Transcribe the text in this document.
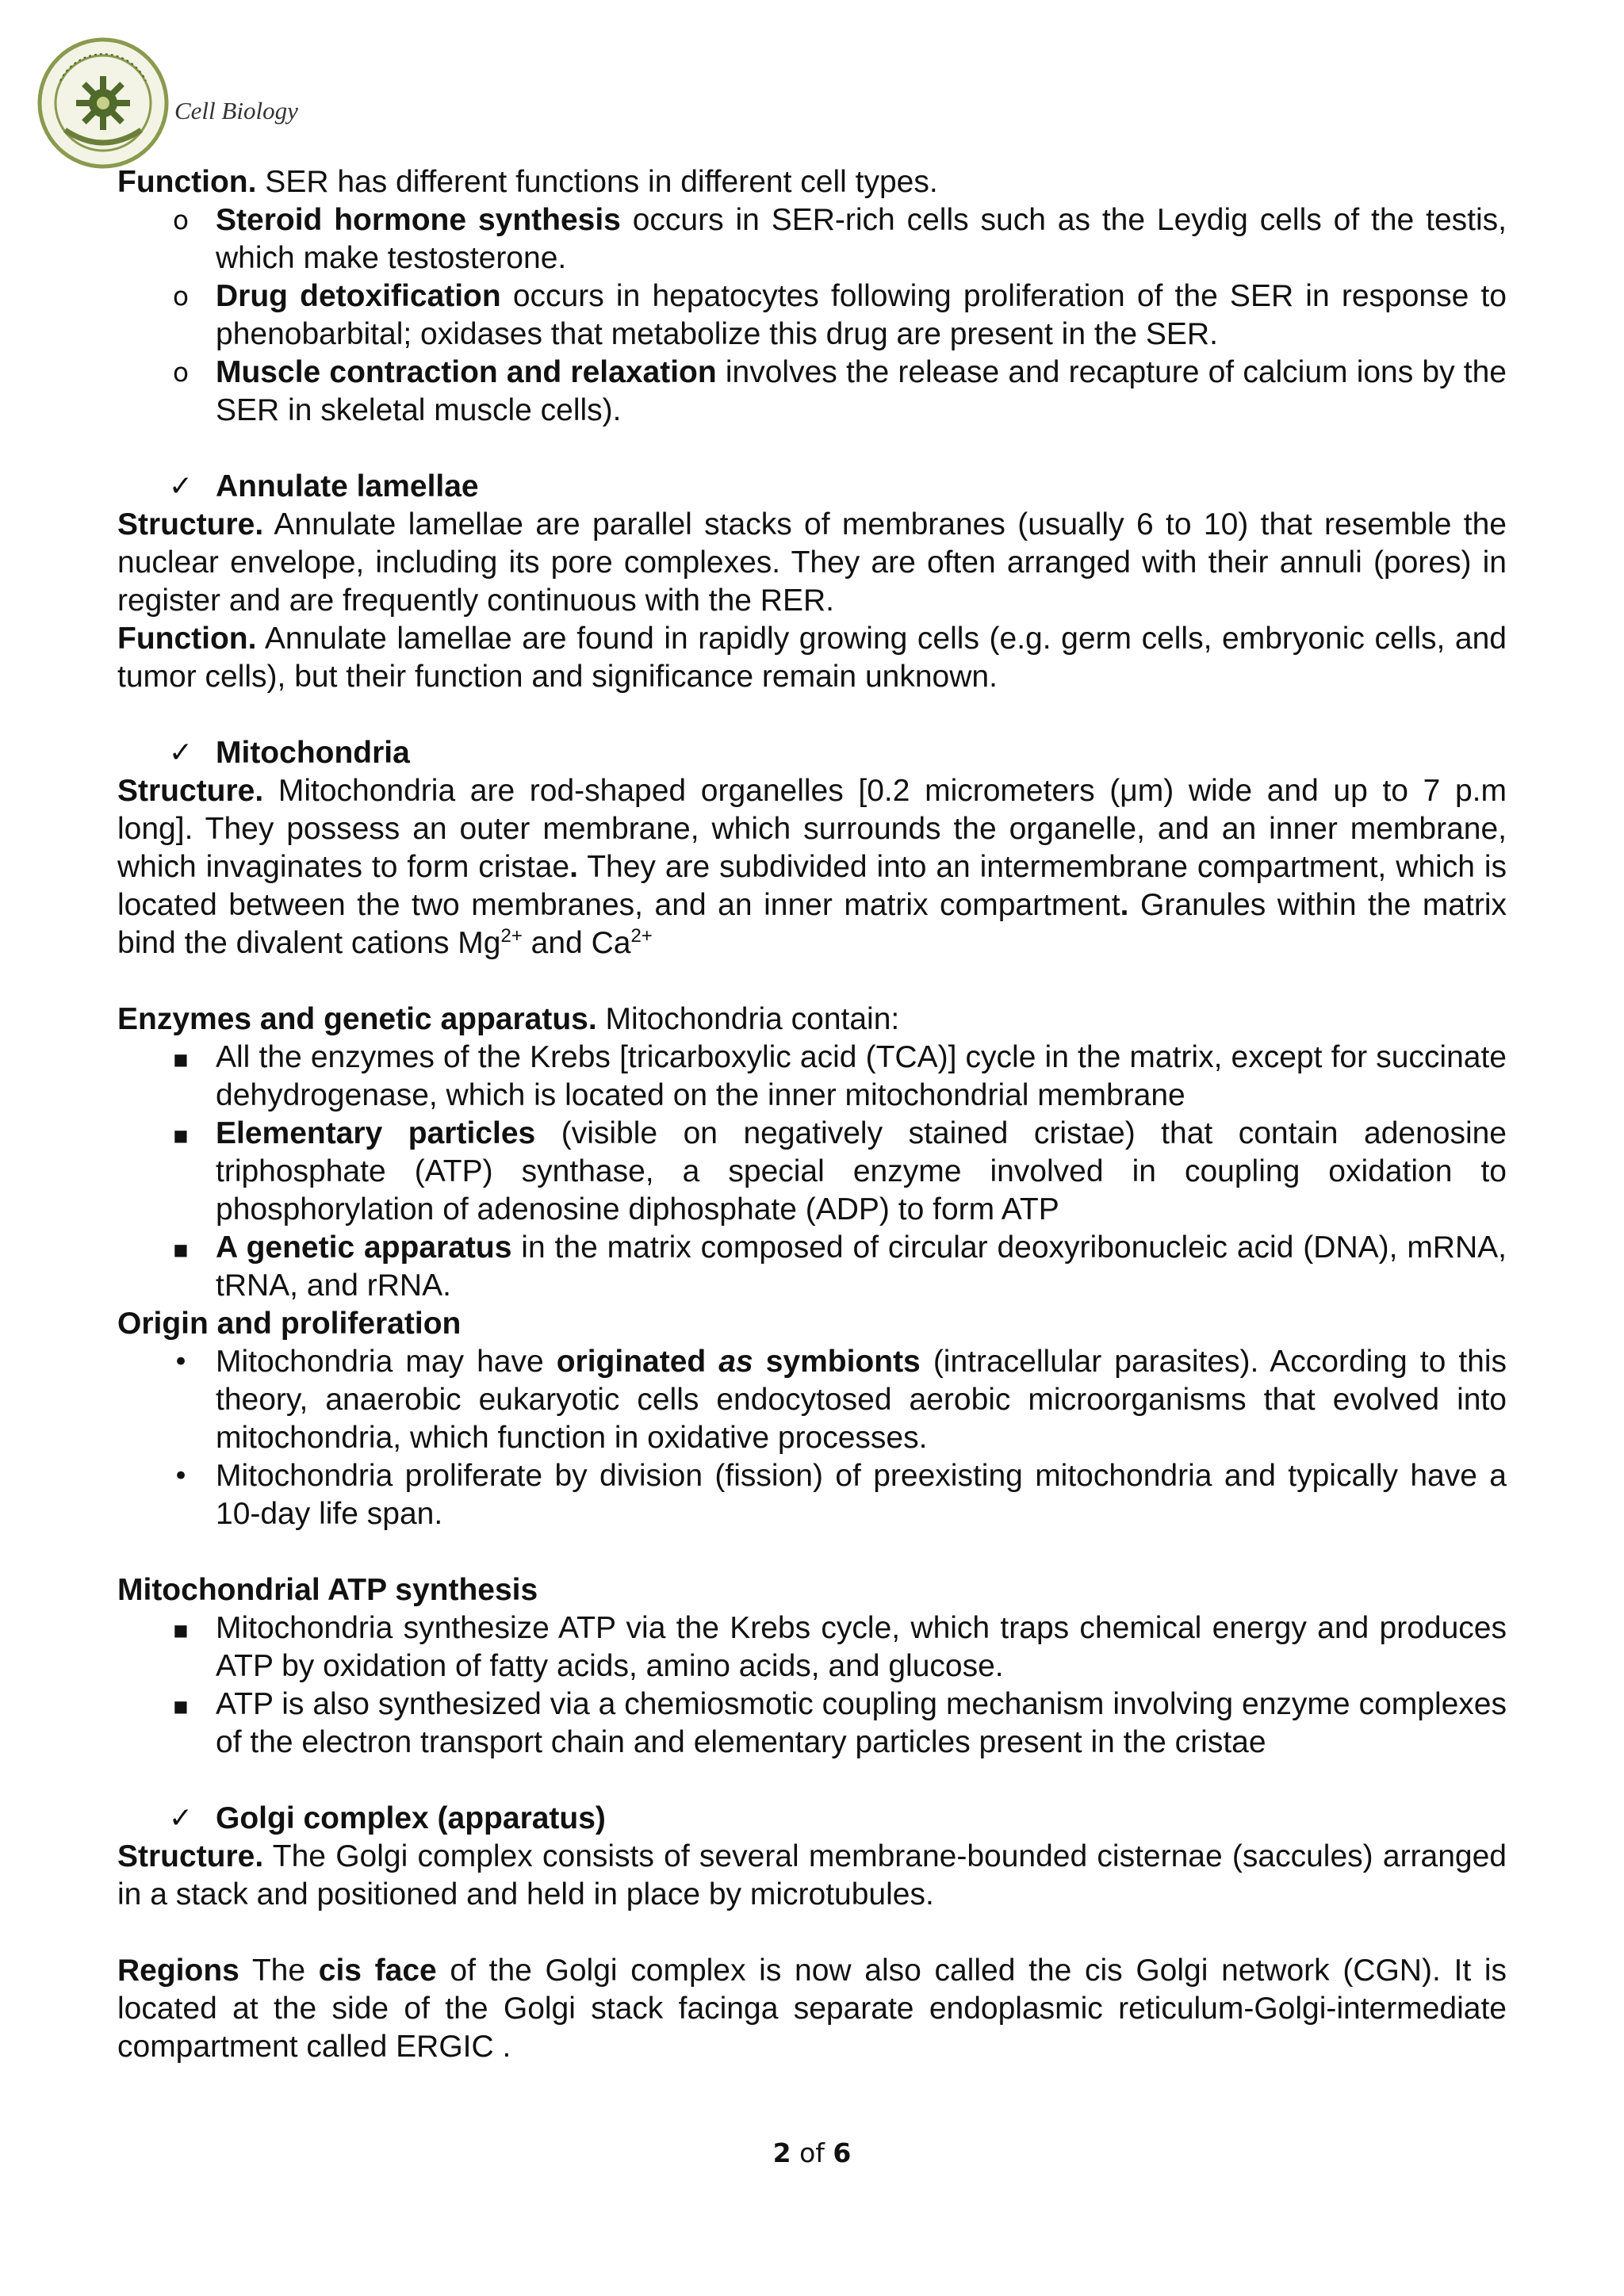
Cell Biology

Function. SER has different functions in different cell types.

o Steroid hormone synthesis occurs in SER-rich cells such as the Leydig cells of the testis, which make testosterone.
o Drug detoxification occurs in hepatocytes following proliferation of the SER in response to phenobarbital; oxidases that metabolize this drug are present in the SER.
o Muscle contraction and relaxation involves the release and recapture of calcium ions by the SER in skeletal muscle cells).
✓ Annulate lamellae

Structure. Annulate lamellae are parallel stacks of membranes (usually 6 to 10) that resemble the nuclear envelope, including its pore complexes. They are often arranged with their annuli (pores) in register and are frequently continuous with the RER.

Function. Annulate lamellae are found in rapidly growing cells (e.g. germ cells, embryonic cells, and tumor cells), but their function and significance remain unknown.

✓ Mitochondria

Structure. Mitochondria are rod-shaped organelles [0.2 micrometers (μm) wide and up to 7 p.m long]. They possess an outer membrane, which surrounds the organelle, and an inner membrane, which invaginates to form cristae. They are subdivided into an intermembrane compartment, which is located between the two membranes, and an inner matrix compartment. Granules within the matrix bind the divalent cations $Mg^{2+}$ and $Ca^{2+}$

Enzymes and genetic apparatus. Mitochondria contain:

■ All the enzymes of the Krebs [tricarboxylic acid (TCA)] cycle in the matrix, except for succinate dehydrogenase, which is located on the inner mitochondrial membrane
■ Elementary particles (visible on negatively stained cristae) that contain adenosine triphosphate (ATP) synthase, a special enzyme involved in coupling oxidation to phosphorylation of adenosine diphosphate (ADP) to form ATP
■ A genetic apparatus in the matrix composed of circular deoxyribonucleic acid (DNA), mRNA, tRNA, and rRNA.

Origin and proliferation

• Mitochondria may have originated as symbionts (intracellular parasites). According to this theory, anaerobic eukaryotic cells endocytosed aerobic microorganisms that evolved into mitochondria, which function in oxidative processes.
• Mitochondria proliferate by division (fission) of preexisting mitochondria and typically have a 10-day life span.

Mitochondrial ATP synthesis

■ Mitochondria synthesize ATP via the Krebs cycle, which traps chemical energy and produces ATP by oxidation of fatty acids, amino acids, and glucose.
■ ATP is also synthesized via a chemiosmotic coupling mechanism involving enzyme complexes of the electron transport chain and elementary particles present in the cristae
✓ Golgi complex (apparatus)

Structure. The Golgi complex consists of several membrane-bounded cisternae (saccules) arranged in a stack and positioned and held in place by microtubules.

Regions The cis face of the Golgi complex is now also called the cis Golgi network (CGN). It is located at the side of the Golgi stack facinga separate endoplasmic reticulum-Golgi-intermediate compartment called ERGIC .

2 of 6
